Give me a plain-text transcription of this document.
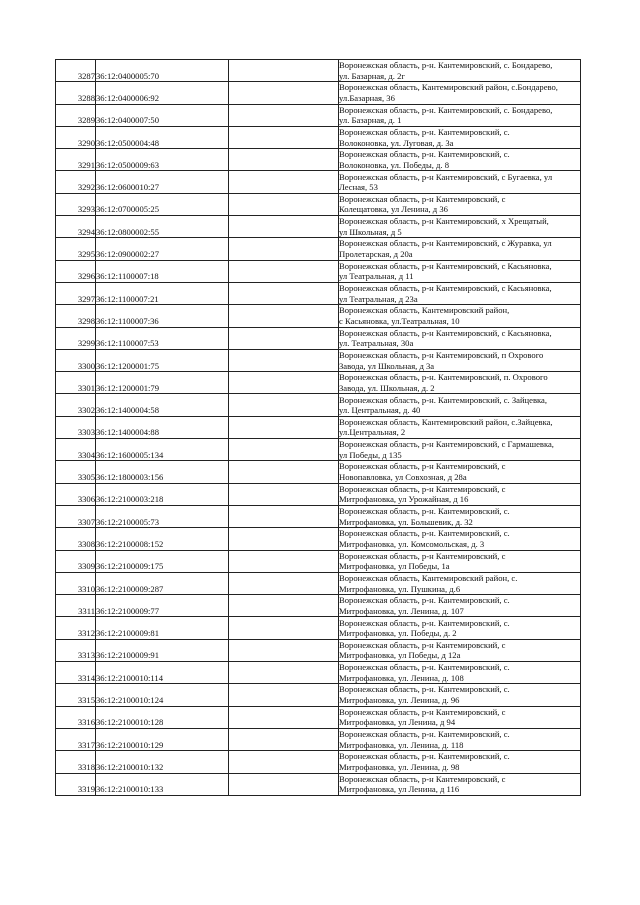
3287	36:12:0400005:70		Воронежская область, р-н. Кантемировский, с. Бондарево,
ул. Базарная, д. 2г

3288	36:12:0400006:92		Воронежская область, Кантемировский район, с.Бондарево,
ул.Базарная, 36

3289	36:12:0400007:50		Воронежская область, р-н. Кантемировский, с. Бондарево,
ул. Базарная, д. 1

3290	36:12:0500004:48		Воронежская область, р-н. Кантемировский, с.
Волоконовка, ул. Луговая, д. 3а

3291	36:12:0500009:63		Воронежская область, р-н. Кантемировский, с.
Волоконовка, ул. Победы, д. 8

3292	36:12:0600010:27		Воронежская область, р-н Кантемировский, с Бугаевка, ул
Лесная, 53

3293	36:12:0700005:25		Воронежская область, р-н Кантемировский, с
Колещатовка, ул Ленина, д 36

3294	36:12:0800002:55		Воронежская область, р-н Кантемировский, х Хрещатый,
ул Школьная, д 5

3295	36:12:0900002:27		Воронежская область, р-н Кантемировский, с Журавка, ул
Пролетарская, д 20а

3296	36:12:1100007:18		Воронежская область, р-н Кантемировский, с Касьяновка,
ул Театральная, д 11

3297	36:12:1100007:21		Воронежская область, р-н Кантемировский, с Касьяновка,
ул Театральная, д 23а

3298	36:12:1100007:36		Воронежская область, Кантемировский район,
с Касьяновка, ул.Театральная, 10

3299	36:12:1100007:53		Воронежская область, р-н Кантемировский, с Касьяновка,
ул. Театральная, 30а

3300	36:12:1200001:75		Воронежская область, р-н Кантемировский, п Охрового
Завода, ул Школьная, д 3а

3301	36:12:1200001:79		Воронежская область, р-н. Кантемировский, п. Охрового
Завода, ул. Школьная, д. 2

3302	36:12:1400004:58		Воронежская область, р-н. Кантемировский, с. Зайцевка,
ул. Центральная, д. 40

3303	36:12:1400004:88		Воронежская область, Кантемировский район, с.Зайцевка,
ул.Центральная, 2

3304	36:12:1600005:134		Воронежская область, р-н Кантемировский, с Гармашевка,
ул Победы, д 135

3305	36:12:1800003:156		Воронежская область, р-н Кантемировский, с
Новопавловка, ул Совхозная, д 28а

3306	36:12:2100003:218		Воронежская область, р-н Кантемировский, с
Митрофановка, ул Урожайная, д 16

3307	36:12:2100005:73		Воронежская область, р-н. Кантемировский, с.
Митрофановка, ул. Большевик, д. 32

3308	36:12:2100008:152		Воронежская область, р-н. Кантемировский, с.
Митрофановка, ул. Комсомольская, д. 3

3309	36:12:2100009:175		Воронежская область, р-н Кантемировский, с
Митрофановка, ул Победы, 1а

3310	36:12:2100009:287		Воронежская область, Кантемировский район, с.
Митрофановка, ул. Пушкина, д.6

3311	36:12:2100009:77		Воронежская область, р-н. Кантемировский, с.
Митрофановка, ул. Ленина, д. 107

3312	36:12:2100009:81		Воронежская область, р-н. Кантемировский, с.
Митрофановка, ул. Победы, д. 2

3313	36:12:2100009:91		Воронежская область, р-н Кантемировский, с
Митрофановка, ул Победы, д 12а

3314	36:12:2100010:114		Воронежская область, р-н. Кантемировский, с.
Митрофановка, ул. Ленина, д. 108

3315	36:12:2100010:124		Воронежская область, р-н. Кантемировский, с.
Митрофановка, ул. Ленина, д. 96

3316	36:12:2100010:128		Воронежская область, р-н Кантемировский, с
Митрофановка, ул Ленина, д 94

3317	36:12:2100010:129		Воронежская область, р-н. Кантемировский, с.
Митрофановка, ул. Ленина, д. 118

3318	36:12:2100010:132		Воронежская область, р-н. Кантемировский, с.
Митрофановка, ул. Ленина, д. 98

3319	36:12:2100010:133		Воронежская область, р-н Кантемировский, с
Митрофановка, ул Ленина, д 116
